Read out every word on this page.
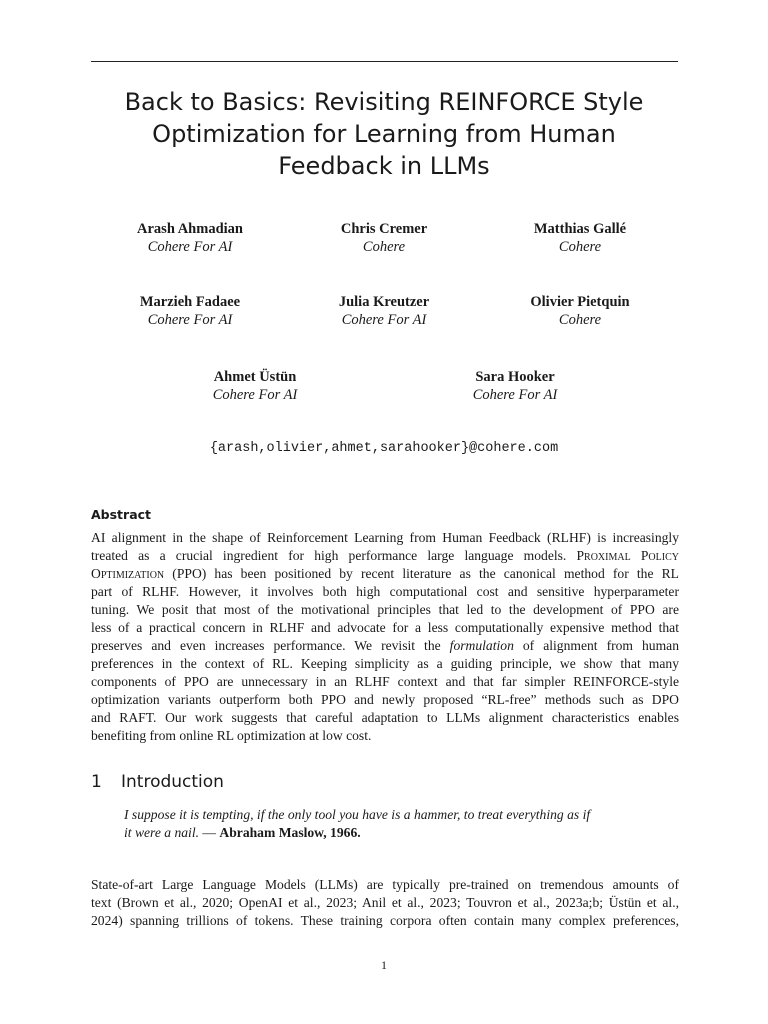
Back to Basics: Revisiting REINFORCE Style
Optimization for Learning from Human
Feedback in LLMs
Arash Ahmadian
Cohere For AI
Chris Cremer
Cohere
Matthias Gallé
Cohere
Marzieh Fadaee
Cohere For AI
Julia Kreutzer
Cohere For AI
Olivier Pietquin
Cohere
Ahmet Üstün
Cohere For AI
Sara Hooker
Cohere For AI
{arash,olivier,ahmet,sarahooker}@cohere.com
Abstract
AI alignment in the shape of Reinforcement Learning from Human Feedback (RLHF) is increasingly
treated as a crucial ingredient for high performance large language models. Proximal Policy
Optimization (PPO) has been positioned by recent literature as the canonical method for the RL
part of RLHF. However, it involves both high computational cost and sensitive hyperparameter
tuning. We posit that most of the motivational principles that led to the development of PPO are
less of a practical concern in RLHF and advocate for a less computationally expensive method that
preserves and even increases performance. We revisit the formulation of alignment from human
preferences in the context of RL. Keeping simplicity as a guiding principle, we show that many
components of PPO are unnecessary in an RLHF context and that far simpler REINFORCE-style
optimization variants outperform both PPO and newly proposed “RL-free” methods such as DPO
and RAFT. Our work suggests that careful adaptation to LLMs alignment characteristics enables
benefiting from online RL optimization at low cost.
1 Introduction
I suppose it is tempting, if the only tool you have is a hammer, to treat everything as if
it were a nail. — Abraham Maslow, 1966.
State-of-art Large Language Models (LLMs) are typically pre-trained on tremendous amounts of
text (Brown et al., 2020; OpenAI et al., 2023; Anil et al., 2023; Touvron et al., 2023a;b; Üstün et al.,
2024) spanning trillions of tokens. These training corpora often contain many complex preferences,
1
